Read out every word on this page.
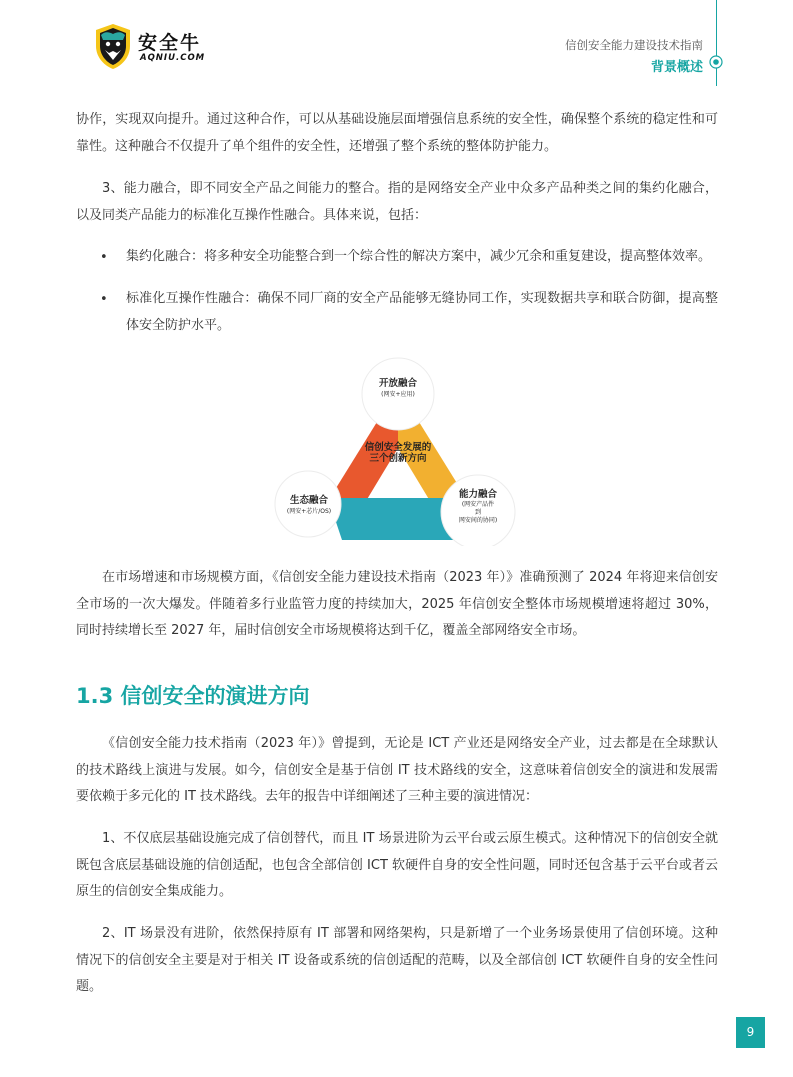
安全牛
AQNIU.COM
信创安全能力建设技术指南
背景概述
协作，实现双向提升。通过这种合作，可以从基础设施层面增强信息系统的安全性，确保整个系统的稳定性和可靠性。这种融合不仅提升了单个组件的安全性，还增强了整个系统的整体防护能力。
3、能力融合，即不同安全产品之间能力的整合。指的是网络安全产业中众多产品种类之间的集约化融合，以及同类产品能力的标准化互操作性融合。具体来说，包括：
• 集约化融合：将多种安全功能整合到一个综合性的解决方案中，减少冗余和重复建设，提高整体效率。
• 标准化互操作性融合：确保不同厂商的安全产品能够无缝协同工作，实现数据共享和联合防御，提高整体安全防护水平。
信创安全发展的
三个创新方向
开放融合
(网安+应用)
生态融合
(网安+芯片/OS)
能力融合
(网安产品件
到
网安间的协同)
在市场增速和市场规模方面，《信创安全能力建设技术指南（2023 年）》准确预测了 2024 年将迎来信创安全市场的一次大爆发。伴随着多行业监管力度的持续加大，2025 年信创安全整体市场规模增速将超过 30%，同时持续增长至 2027 年，届时信创安全市场规模将达到千亿，覆盖全部网络安全市场。
1.3 信创安全的演进方向
《信创安全能力技术指南（2023 年）》曾提到，无论是 ICT 产业还是网络安全产业，过去都是在全球默认的技术路线上演进与发展。如今，信创安全是基于信创 IT 技术路线的安全，这意味着信创安全的演进和发展需要依赖于多元化的 IT 技术路线。去年的报告中详细阐述了三种主要的演进情况：
1、不仅底层基础设施完成了信创替代，而且 IT 场景进阶为云平台或云原生模式。这种情况下的信创安全就既包含底层基础设施的信创适配，也包含全部信创 ICT 软硬件自身的安全性问题，同时还包含基于云平台或者云原生的信创安全集成能力。
2、IT 场景没有进阶，依然保持原有 IT 部署和网络架构，只是新增了一个业务场景使用了信创环境。这种情况下的信创安全主要是对于相关 IT 设备或系统的信创适配的范畴，以及全部信创 ICT 软硬件自身的安全性问题。
9
